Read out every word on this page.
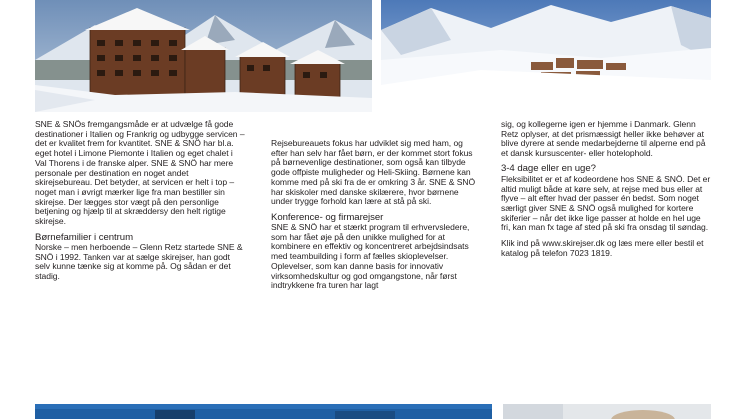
SNE & SNÖs fremgangsmåde er at udvælge få gode destinationer i Italien og Frankrig og udbygge servicen – det er kvalitet frem for kvantitet. SNE & SNÖ har bl.a. eget hotel i Limone Piemonte i Italien og eget chalet i Val Thorens i de franske alper. SNE & SNÖ har mere personale per destination en noget andet skirejsebureau. Det betyder, at servicen er helt i top – noget man i øvrigt mærker lige fra man bestiller sin skirejse. Der lægges stor vægt på den personlige betjening og hjælp til at skræddersy den helt rigtige skirejse.

Børnefamilier i centrum

Norske – men herboende – Glenn Retz startede SNE & SNÖ i 1992. Tanken var at sælge skirejser, han godt selv kunne tænke sig at komme på. Og sådan er det stadig.

Rejsebureauets fokus har udviklet sig med ham, og efter han selv har fået børn, er der kommet stort fokus på børnevenlige destinationer, som også kan tilbyde gode offpiste muligheder og Heli-Skiing. Børnene kan komme med på ski fra de er omkring 3 år. SNE & SNÖ har skiskoler med danske skilærere, hvor børnene under trygge forhold kan lære at stå på ski.

Konference- og firmarejser

SNE & SNÖ har et stærkt program til erhvervsledere, som har fået øje på den unikke mulighed for at kombinere en effektiv og koncentreret arbejdsindsats med teambuilding i form af fælles skioplevelser. Oplevelser, som kan danne basis for innovativ virksomhedskultur og god omgangstone, når først indtrykkene fra turen har lagt

sig, og kollegerne igen er hjemme i Danmark. Glenn Retz oplyser, at det prismæssigt heller ikke behøver at blive dyrere at sende medarbejderne til alperne end på et dansk kursuscenter- eller hotelophold.

3-4 dage eller en uge?

Fleksibilitet er et af kodeordene hos SNE & SNÖ. Det er altid muligt både at køre selv, at rejse med bus eller at flyve – alt efter hvad der passer én bedst. Som noget særligt giver SNE & SNÖ også mulighed for kortere skiferier – når det ikke lige passer at holde en hel uge fri, kan man fx tage af sted på ski fra onsdag til søndag.

Klik ind på www.skirejser.dk og læs mere eller bestil et katalog på telefon 7023 1819.
